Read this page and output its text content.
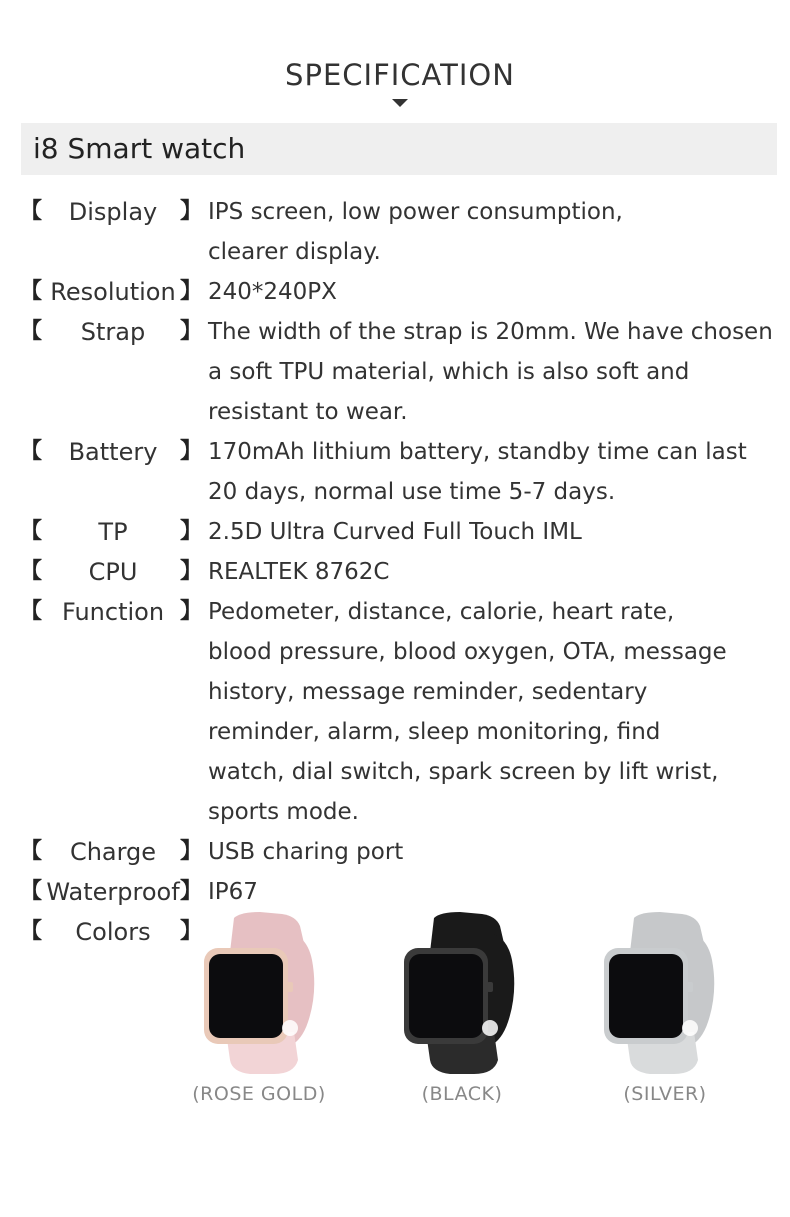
SPECIFICATION
i8 Smart watch
【	Display	】 IPS screen, low power consumption, clearer display.
【 Resolution 】 240*240PX
【	Strap	】 The width of the strap is 20mm. We have chosen a soft TPU material, which is also soft and resistant to wear.
【	Battery	】 170mAh lithium battery, standby time can last 20 days, normal use time 5-7 days.
【	TP	】 2.5D Ultra Curved Full Touch IML
【	CPU	】 REALTEK 8762C
【 Function 】 Pedometer, distance, calorie, heart rate, blood pressure, blood oxygen, OTA, message history, message reminder, sedentary reminder, alarm, sleep monitoring, find watch, dial switch, spark screen by lift wrist, sports mode.
【	Charge	】 USB charing port
【 Waterproof 】 IP67
【	Colors	】
(ROSE GOLD)	(BLACK)	(SILVER)
